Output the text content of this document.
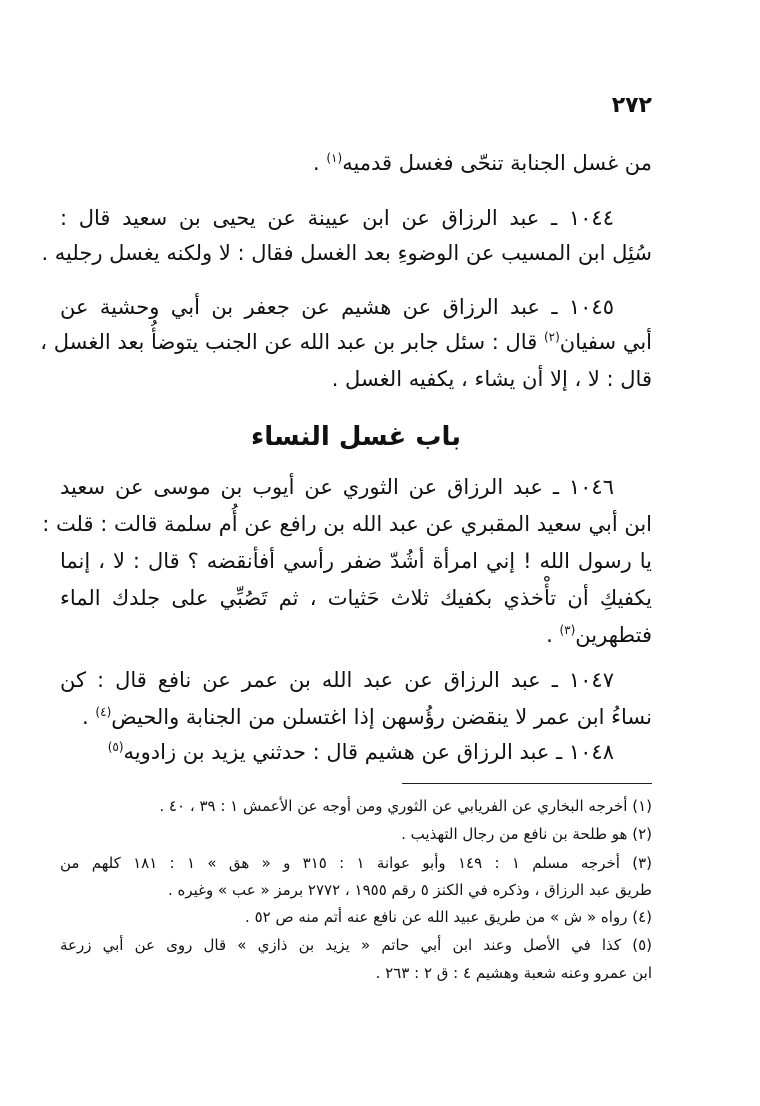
٢٧٢
من غسل الجنابة تنحّى فغسل قدميه$^{(١)}$ .
١٠٤٤ ـ عبد الرزاق عن ابن عيينة عن يحيى بن سعيد قال :
سُئِل ابن المسيب عن الوضوءِ بعد الغسل فقال : لا ولكنه يغسل رجليه .
١٠٤٥ ـ عبد الرزاق عن هشيم عن جعفر بن أبي وحشية عن
أبي سفيان$^{(٢)}$ قال : سئل جابر بن عبد الله عن الجنب يتوضأُ بعد الغسل ،
قال : لا ، إلا أن يشاء ، يكفيه الغسل .
باب غسل النساء
١٠٤٦ ـ عبد الرزاق عن الثوري عن أيوب بن موسى عن سعيد
ابن أبي سعيد المقبري عن عبد الله بن رافع عن أُم سلمة قالت : قلت :
يا رسول الله ! إني امرأة أشُدّ ضفر رأسي أفأنقضه ؟ قال : لا ، إنما
يكفيكِ أن تأْخذي بكفيك ثلاث حَثيات ، ثم تَصُبِّي على جلدك الماء
فتطهرين$^{(٣)}$ .
١٠٤٧ ـ عبد الرزاق عن عبد الله بن عمر عن نافع قال : كن
نساءُ ابن عمر لا ينقضن رؤُسهن إذا اغتسلن من الجنابة والحيض$^{(٤)}$ .
١٠٤٨ ـ عبد الرزاق عن هشيم قال : حدثني يزيد بن زادويه$^{(٥)}$
(١) أخرجه البخاري عن الفريابي عن الثوري ومن أوجه عن الأعمش ١ : ٣٩ ، ٤٠ .
(٢) هو طلحة بن نافع من رجال التهذيب .
(٣) أخرجه مسلم ١ : ١٤٩ وأبو عوانة ١ : ٣١٥ و « هق » ١ : ١٨١ كلهم من
طريق عبد الرزاق ، وذكره في الكنز ٥ رقم ١٩٥٥ ، ٢٧٧٢ برمز « عب » وغيره .
(٤) رواه « ش » من طريق عبيد الله عن نافع عنه أتم منه ص ٥٢ .
(٥) كذا في الأصل وعند ابن أبي حاتم « يزيد بن ذازي » قال روى عن أبي زرعة
ابن عمرو وعنه شعبة وهشيم ٤ : ق ٢ : ٢٦٣ .
